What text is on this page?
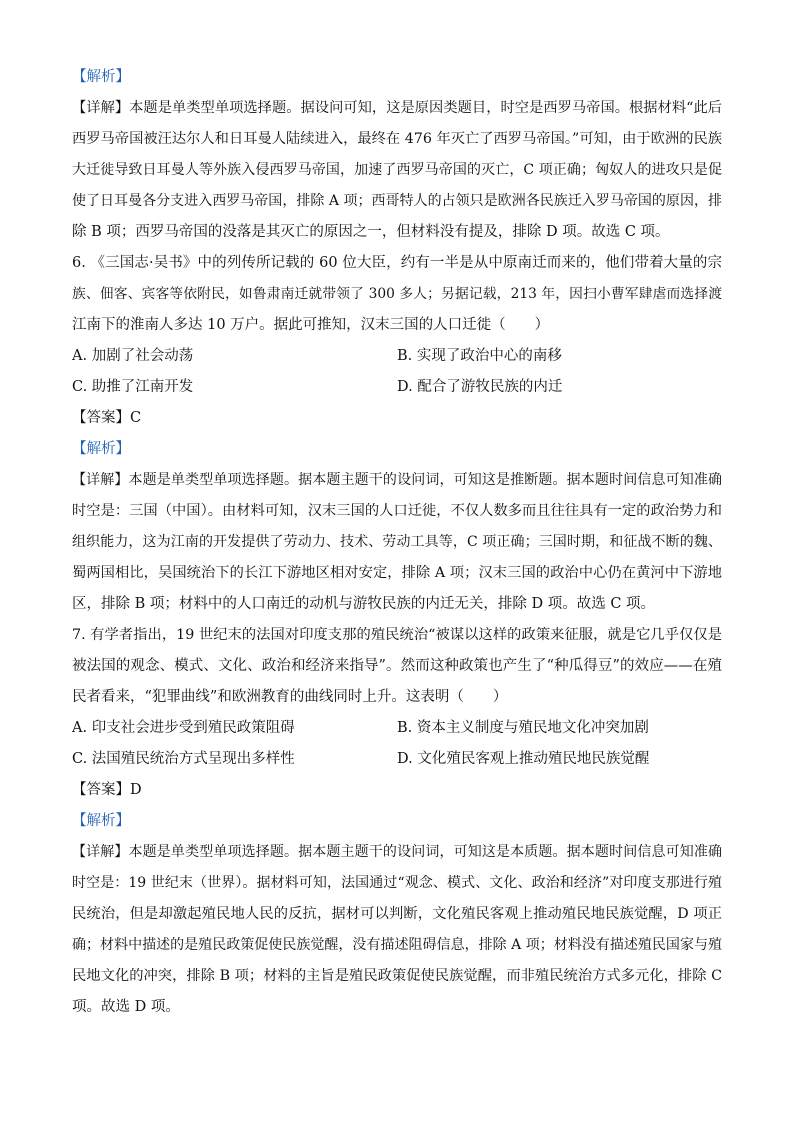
【解析】
【详解】本题是单类型单项选择题。据设问可知，这是原因类题目，时空是西罗马帝国。根据材料“此后
西罗马帝国被汪达尔人和日耳曼人陆续进入，最终在 476 年灭亡了西罗马帝国。”可知，由于欧洲的民族
大迁徙导致日耳曼人等外族入侵西罗马帝国，加速了西罗马帝国的灭亡，C 项正确；匈奴人的进攻只是促
使了日耳曼各分支进入西罗马帝国，排除 A 项；西哥特人的占领只是欧洲各民族迁入罗马帝国的原因，排
除 B 项；西罗马帝国的没落是其灭亡的原因之一，但材料没有提及，排除 D 项。故选 C 项。
6. 《三国志·吴书》中的列传所记载的 60 位大臣，约有一半是从中原南迁而来的，他们带着大量的宗
族、佃客、宾客等依附民，如鲁肃南迁就带领了 300 多人；另据记载，213 年，因扫小曹军肆虐而选择渡
江南下的淮南人多达 10 万户。据此可推知，汉末三国的人口迁徙（　　）
A. 加剧了社会动荡	B. 实现了政治中心的南移
C. 助推了江南开发	D. 配合了游牧民族的内迁
【答案】C
【解析】
【详解】本题是单类型单项选择题。据本题主题干的设问词，可知这是推断题。据本题时间信息可知准确
时空是：三国（中国）。由材料可知，汉末三国的人口迁徙，不仅人数多而且往往具有一定的政治势力和
组织能力，这为江南的开发提供了劳动力、技术、劳动工具等，C 项正确；三国时期，和征战不断的魏、
蜀两国相比，吴国统治下的长江下游地区相对安定，排除 A 项；汉末三国的政治中心仍在黄河中下游地
区，排除 B 项；材料中的人口南迁的动机与游牧民族的内迁无关，排除 D 项。故选 C 项。
7. 有学者指出，19 世纪末的法国对印度支那的殖民统治“被谋以这样的政策来征服，就是它几乎仅仅是
被法国的观念、模式、文化、政治和经济来指导”。然而这种政策也产生了“种瓜得豆”的效应——在殖
民者看来，“犯罪曲线”和欧洲教育的曲线同时上升。这表明（　　）
A. 印支社会进步受到殖民政策阻碍	B. 资本主义制度与殖民地文化冲突加剧
C. 法国殖民统治方式呈现出多样性	D. 文化殖民客观上推动殖民地民族觉醒
【答案】D
【解析】
【详解】本题是单类型单项选择题。据本题主题干的设问词，可知这是本质题。据本题时间信息可知准确
时空是：19 世纪末（世界）。据材料可知，法国通过“观念、模式、文化、政治和经济”对印度支那进行殖
民统治，但是却激起殖民地人民的反抗，据材可以判断，文化殖民客观上推动殖民地民族觉醒，D 项正
确；材料中描述的是殖民政策促使民族觉醒，没有描述阻碍信息，排除 A 项；材料没有描述殖民国家与殖
民地文化的冲突，排除 B 项；材料的主旨是殖民政策促使民族觉醒，而非殖民统治方式多元化，排除 C
项。故选 D 项。
